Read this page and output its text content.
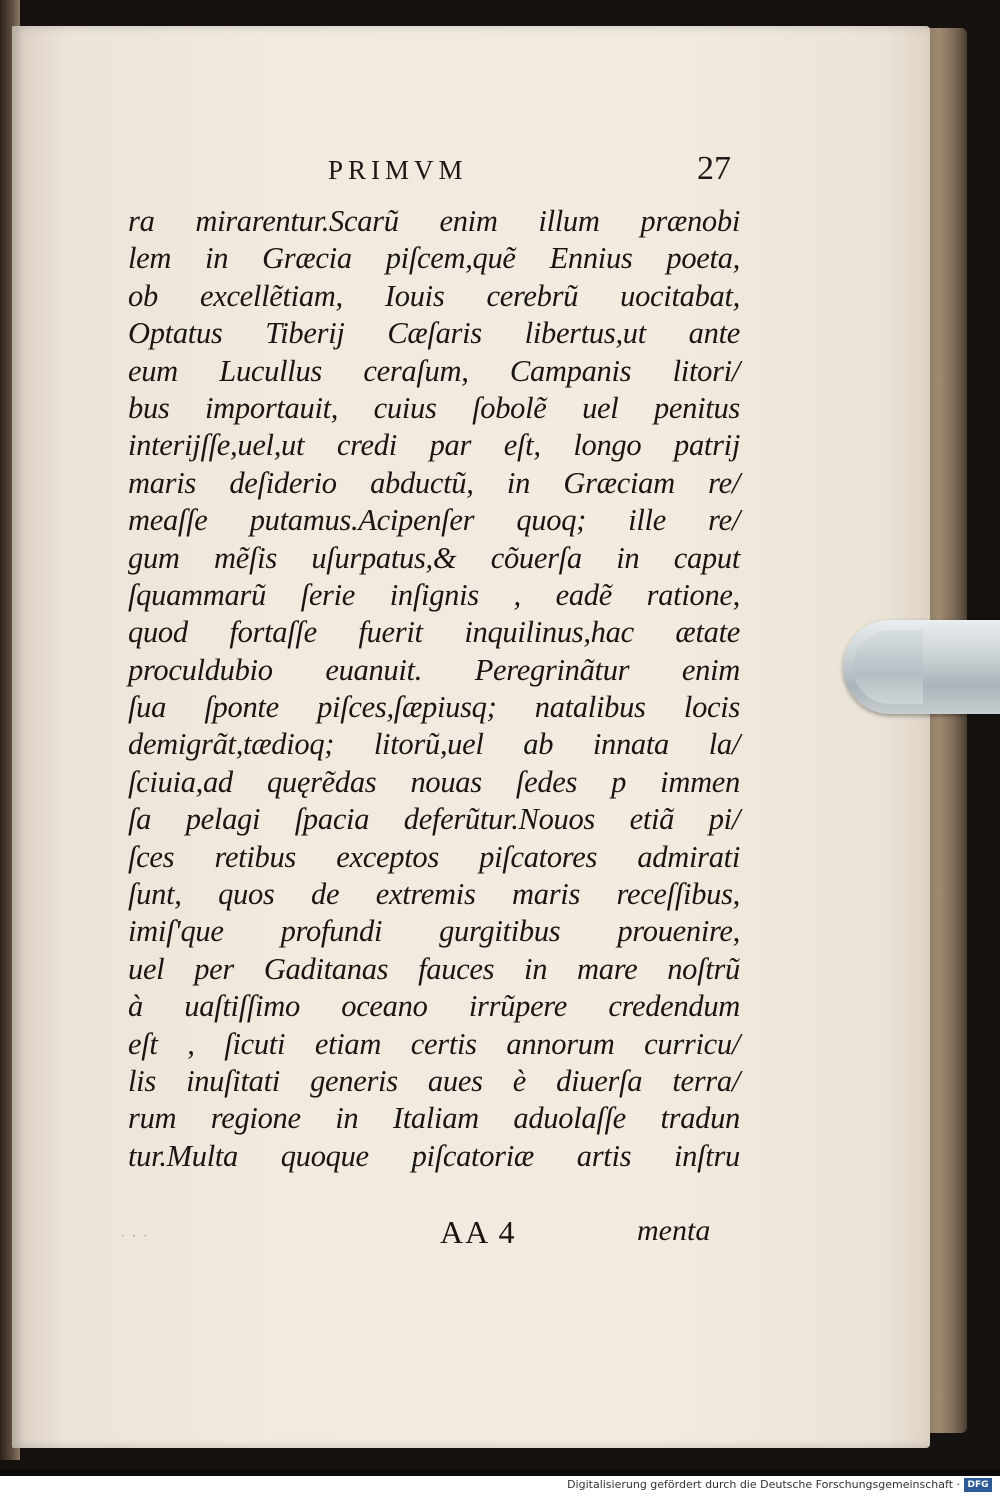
PRIMVM	27
ra mirarentur.Scarũ enim illum prænobi
lem in Græcia piſcem,quẽ Ennius poeta,
ob excellẽtiam, Iouis cerebrũ uocitabat,
Optatus Tiberij Cæſaris libertus,ut ante
eum Lucullus ceraſum, Campanis litori/
bus importauit, cuius ſobolẽ uel penitus
interijſſe,uel,ut credi par eſt, longo patrij
maris deſiderio abductũ, in Græciam re/
meaſſe putamus.Acipenſer quoq; ille re/
gum mẽſis uſurpatus,& cõuerſa in caput
ſquammarũ ſerie inſignis , eadẽ ratione,
quod fortaſſe fuerit inquilinus,hac ætate
proculdubio euanuit. Peregrinãtur enim
ſua ſponte piſces,ſæpiusq; natalibus locis
demigrãt,tædioq; litorũ,uel ab innata la/
ſciuia,ad quęrẽdas nouas ſedes p immen
ſa pelagi ſpacia deferũtur.Nouos etiã pi/
ſces retibus exceptos piſcatores admirati
ſunt, quos de extremis maris receſſibus,
imiſ'que profundi gurgitibus prouenire,
uel per Gaditanas fauces in mare noſtrũ
à uaſtiſſimo oceano irrũpere credendum
eſt , ſicuti etiam certis annorum curricu/
lis inuſitati generis aues è diuerſa terra/
rum regione in Italiam aduolaſſe tradun
tur.Multa quoque piſcatoriæ artis inſtru
AA 4	menta
· · ·
Digitalisierung gefördert durch die Deutsche Forschungsgemeinschaft · DFG
